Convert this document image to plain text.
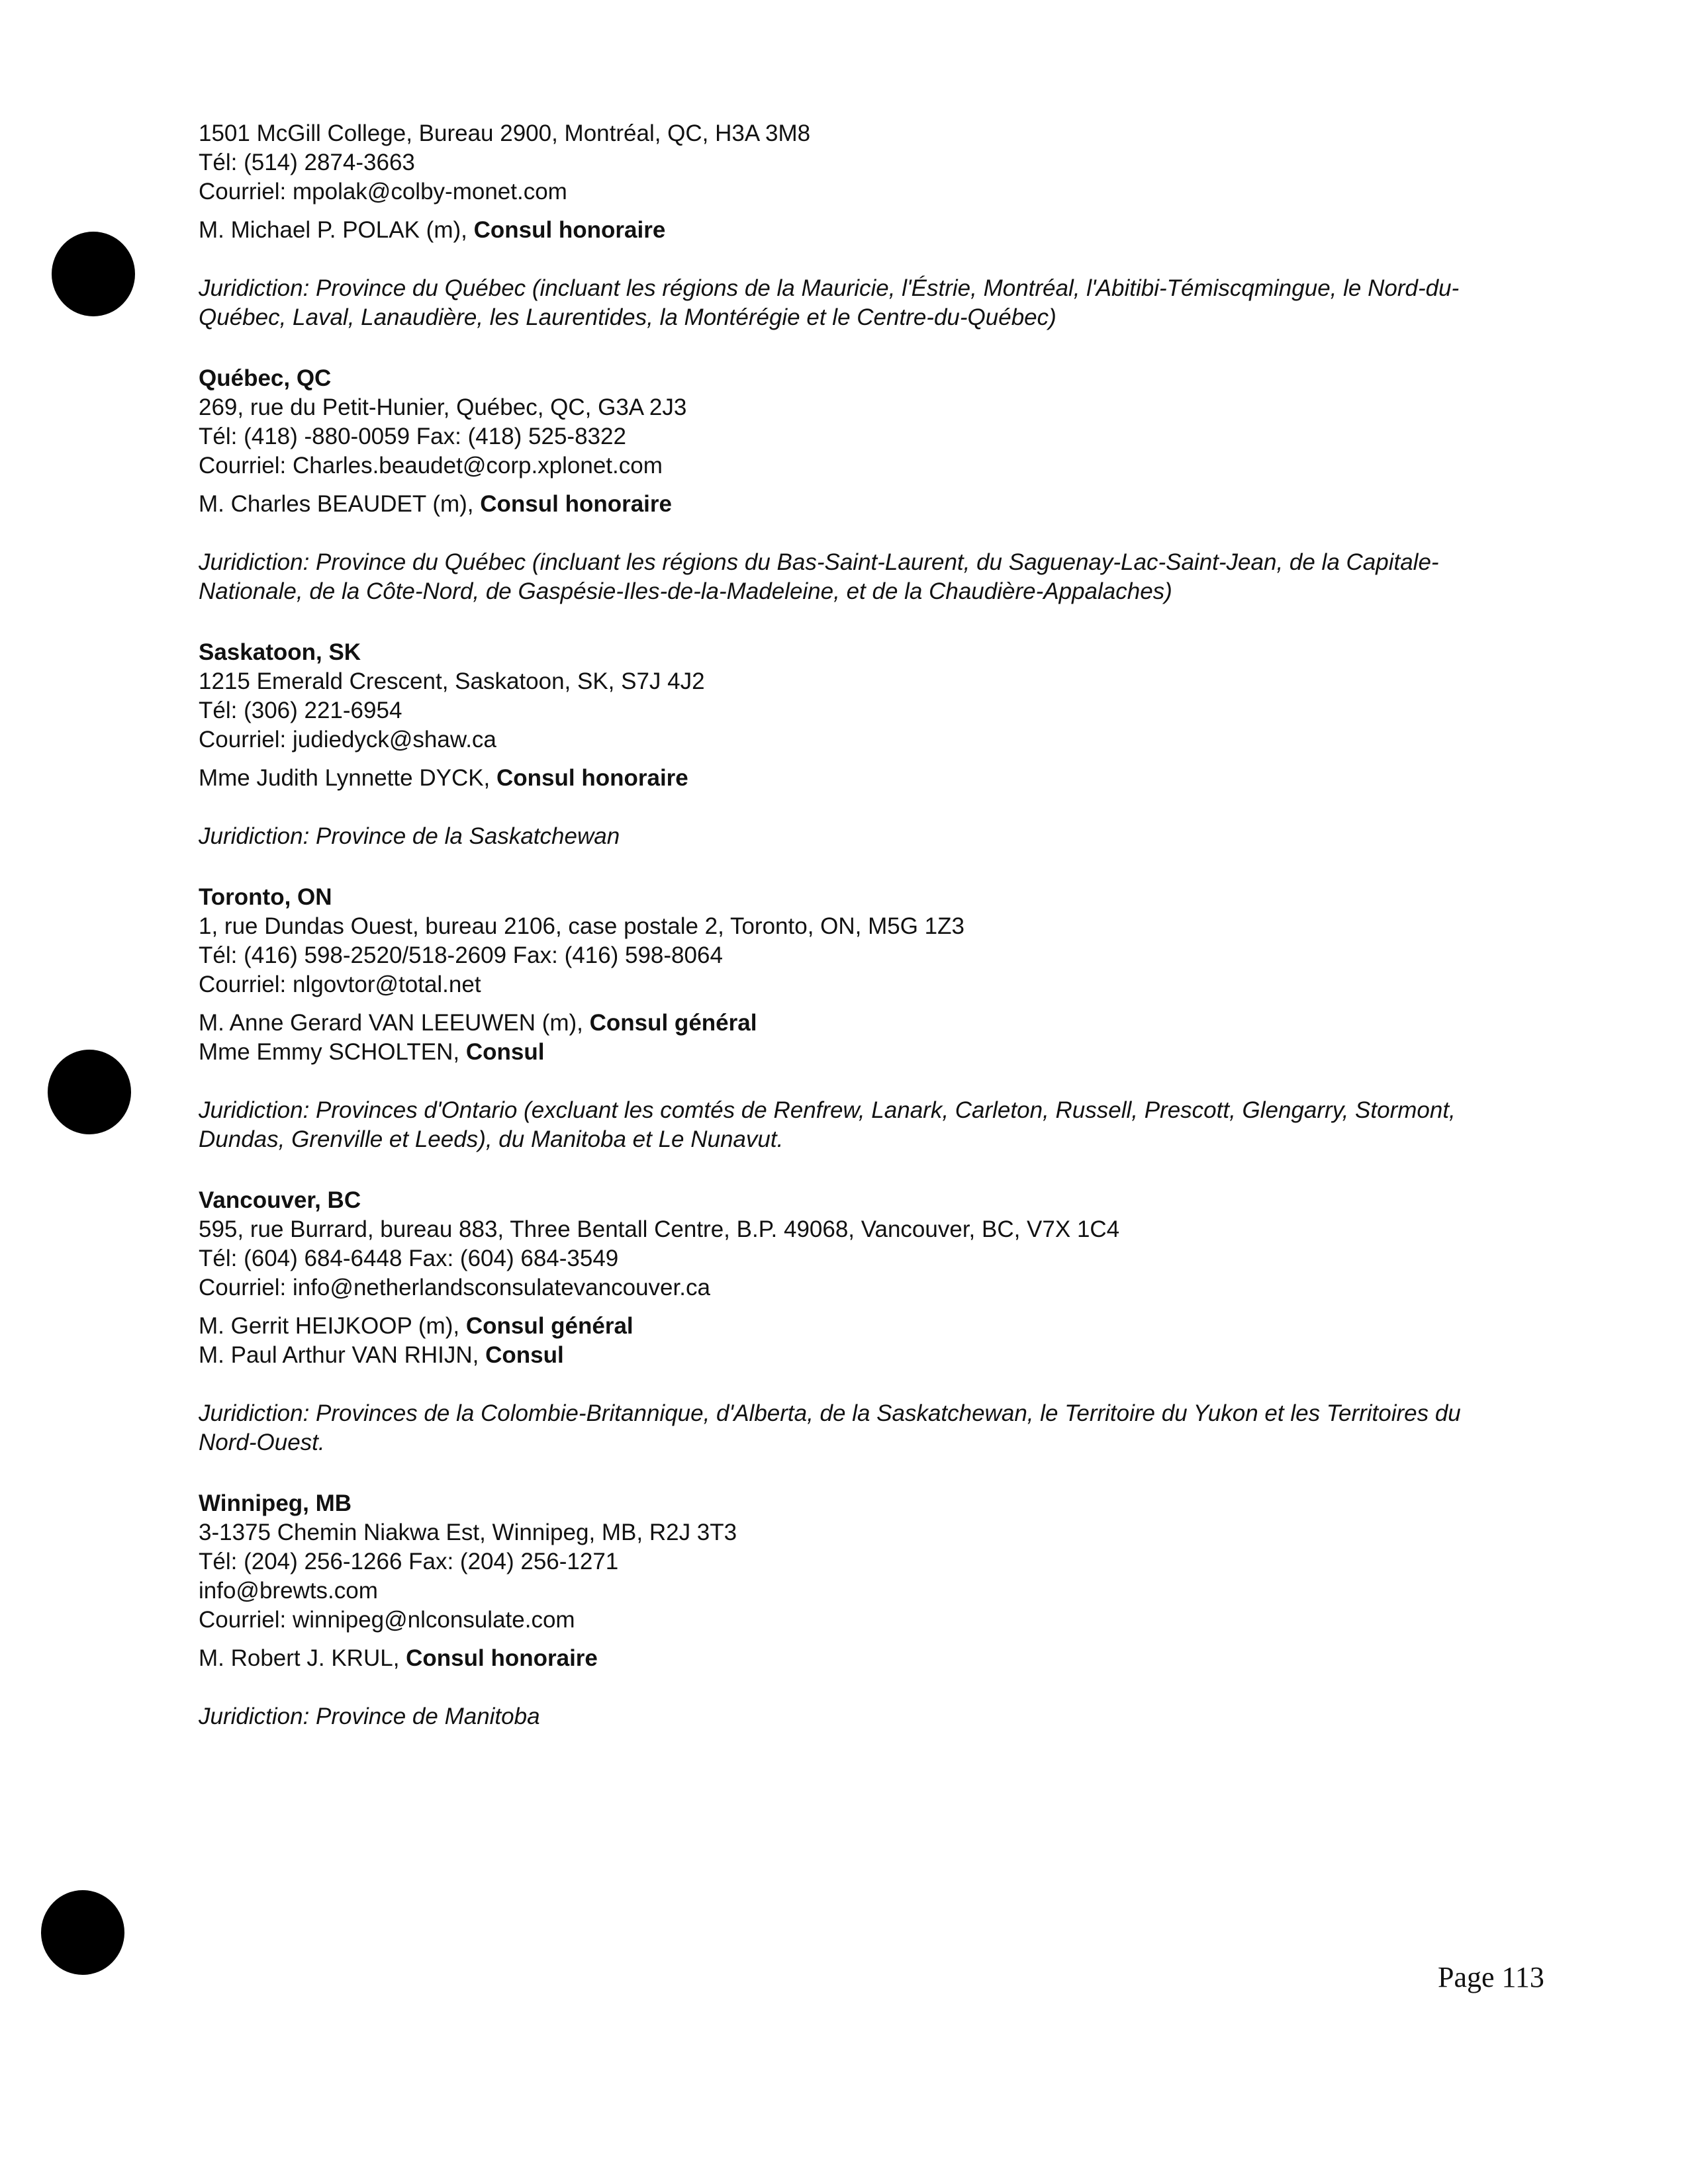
1501 McGill College, Bureau 2900, Montréal, QC, H3A 3M8
Tél: (514) 2874-3663
Courriel: mpolak@colby-monet.com
M. Michael P. POLAK (m), Consul honoraire
Juridiction: Province du Québec (incluant les régions de la Mauricie, l'Éstrie, Montréal, l'Abitibi-Témiscqmingue, le Nord-du-Québec, Laval, Lanaudière, les Laurentides, la Montérégie et le Centre-du-Québec)
Québec, QC
269, rue du Petit-Hunier, Québec, QC, G3A 2J3
Tél: (418) -880-0059 Fax: (418) 525-8322
Courriel: Charles.beaudet@corp.xplonet.com
M. Charles BEAUDET (m), Consul honoraire
Juridiction: Province du Québec (incluant les régions du Bas-Saint-Laurent, du Saguenay-Lac-Saint-Jean, de la Capitale-Nationale, de la Côte-Nord, de Gaspésie-Iles-de-la-Madeleine, et de la Chaudière-Appalaches)
Saskatoon, SK
1215 Emerald Crescent, Saskatoon, SK, S7J 4J2
Tél: (306) 221-6954
Courriel: judiedyck@shaw.ca
Mme Judith Lynnette DYCK, Consul honoraire
Juridiction: Province de la Saskatchewan
Toronto, ON
1, rue Dundas Ouest, bureau 2106, case postale 2, Toronto, ON, M5G 1Z3
Tél: (416) 598-2520/518-2609 Fax: (416) 598-8064
Courriel: nlgovtor@total.net
M. Anne Gerard VAN LEEUWEN (m), Consul général
Mme Emmy SCHOLTEN, Consul
Juridiction: Provinces d'Ontario (excluant les comtés de Renfrew, Lanark, Carleton, Russell, Prescott, Glengarry, Stormont, Dundas, Grenville et Leeds), du Manitoba et Le Nunavut.
Vancouver, BC
595, rue Burrard, bureau 883, Three Bentall Centre, B.P. 49068, Vancouver, BC, V7X 1C4
Tél: (604) 684-6448 Fax: (604) 684-3549
Courriel: info@netherlandsconsulatevancouver.ca
M. Gerrit HEIJKOOP (m), Consul général
M. Paul Arthur VAN RHIJN, Consul
Juridiction: Provinces de la Colombie-Britannique, d'Alberta, de la Saskatchewan, le Territoire du Yukon et les Territoires du Nord-Ouest.
Winnipeg, MB
3-1375 Chemin Niakwa Est, Winnipeg, MB, R2J 3T3
Tél: (204) 256-1266 Fax: (204) 256-1271
info@brewts.com
Courriel: winnipeg@nlconsulate.com
M. Robert J. KRUL, Consul honoraire
Juridiction: Province de Manitoba
Page 113
